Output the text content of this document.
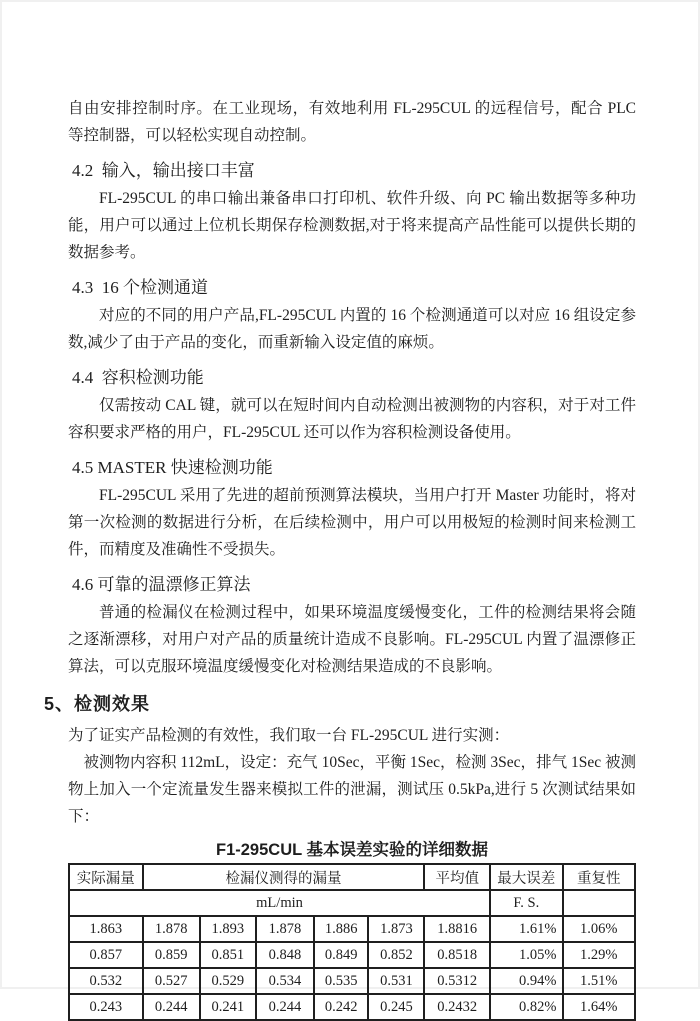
自由安排控制时序。在工业现场，有效地利用 FL-295CUL 的远程信号，配合 PLC 等控制器，可以轻松实现自动控制。

4.2  输入，输出接口丰富

FL-295CUL 的串口输出兼备串口打印机、软件升级、向 PC 输出数据等多种功能，用户可以通过上位机长期保存检测数据,对于将来提高产品性能可以提供长期的数据参考。

4.3  16 个检测通道

对应的不同的用户产品,FL-295CUL 内置的 16 个检测通道可以对应 16 组设定参数,减少了由于产品的变化，而重新输入设定值的麻烦。

4.4  容积检测功能

仅需按动 CAL 键，就可以在短时间内自动检测出被测物的内容积，对于对工件容积要求严格的用户，FL-295CUL 还可以作为容积检测设备使用。

4.5 MASTER 快速检测功能

FL-295CUL 采用了先进的超前预测算法模块，当用户打开 Master 功能时，将对第一次检测的数据进行分析，在后续检测中，用户可以用极短的检测时间来检测工件，而精度及准确性不受损失。

4.6 可靠的温漂修正算法

普通的检漏仪在检测过程中，如果环境温度缓慢变化，工件的检测结果将会随之逐渐漂移，对用户对产品的质量统计造成不良影响。FL-295CUL 内置了温漂修正算法，可以克服环境温度缓慢变化对检测结果造成的不良影响。

5、检测效果

为了证实产品检测的有效性，我们取一台 FL-295CUL 进行实测：

被测物内容积 112mL，设定：充气 10Sec，平衡 1Sec，检测 3Sec，排气 1Sec 被测物上加入一个定流量发生器来模拟工件的泄漏，测试压 0.5kPa,进行 5 次测试结果如下：

F1-295CUL 基本误差实验的详细数据
实际漏量	检漏仪测得的漏量					平均值	最大误差	重复性
mL/min							F. S.	
1.863	1.878	1.893	1.878	1.886	1.873	1.8816	1.61%	1.06%
0.857	0.859	0.851	0.848	0.849	0.852	0.8518	1.05%	1.29%
0.532	0.527	0.529	0.534	0.535	0.531	0.5312	0.94%	1.51%
0.243	0.244	0.241	0.244	0.242	0.245	0.2432	0.82%	1.64%
